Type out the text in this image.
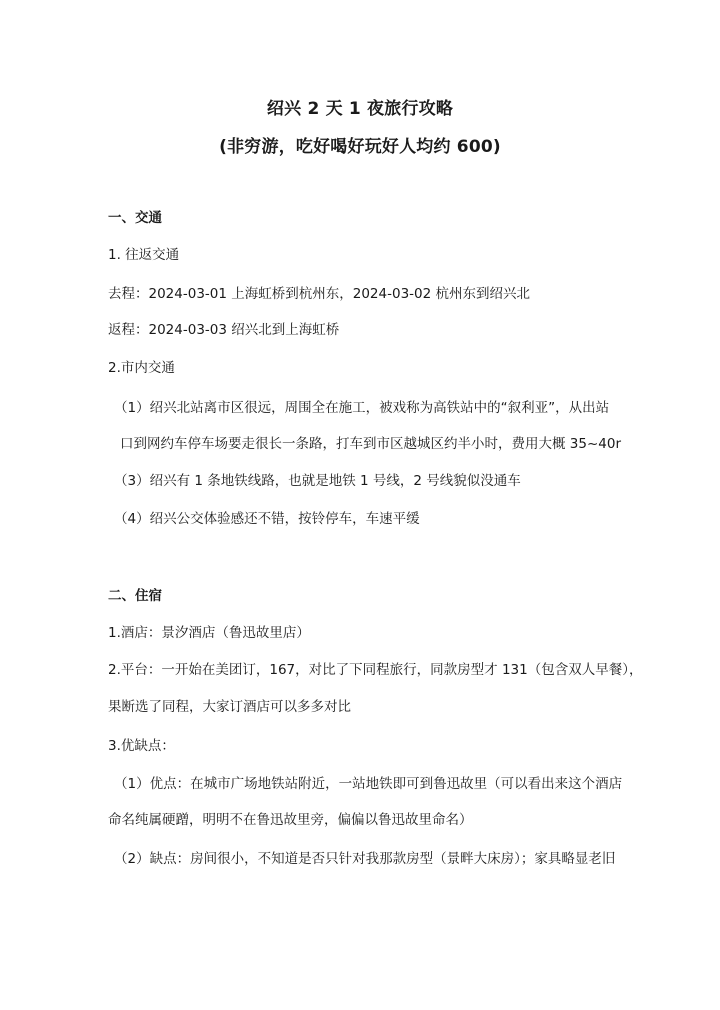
绍兴 2 天 1 夜旅行攻略
(非穷游，吃好喝好玩好人均约 600)
一、交通
1. 往返交通
去程：2024-03-01 上海虹桥到杭州东，2024-03-02 杭州东到绍兴北
返程：2024-03-03 绍兴北到上海虹桥
2.市内交通
（1）绍兴北站离市区很远，周围全在施工，被戏称为高铁站中的“叙利亚”，从出站
口到网约车停车场要走很长一条路，打车到市区越城区约半小时，费用大概 35~40r
（3）绍兴有 1 条地铁线路，也就是地铁 1 号线，2 号线貌似没通车
（4）绍兴公交体验感还不错，按铃停车，车速平缓
二、住宿
1.酒店：景汐酒店（鲁迅故里店）
2.平台：一开始在美团订，167，对比了下同程旅行，同款房型才 131（包含双人早餐），
果断选了同程，大家订酒店可以多多对比
3.优缺点：
（1）优点：在城市广场地铁站附近，一站地铁即可到鲁迅故里（可以看出来这个酒店
命名纯属硬蹭，明明不在鲁迅故里旁，偏偏以鲁迅故里命名）
（2）缺点：房间很小，不知道是否只针对我那款房型（景畔大床房）；家具略显老旧
